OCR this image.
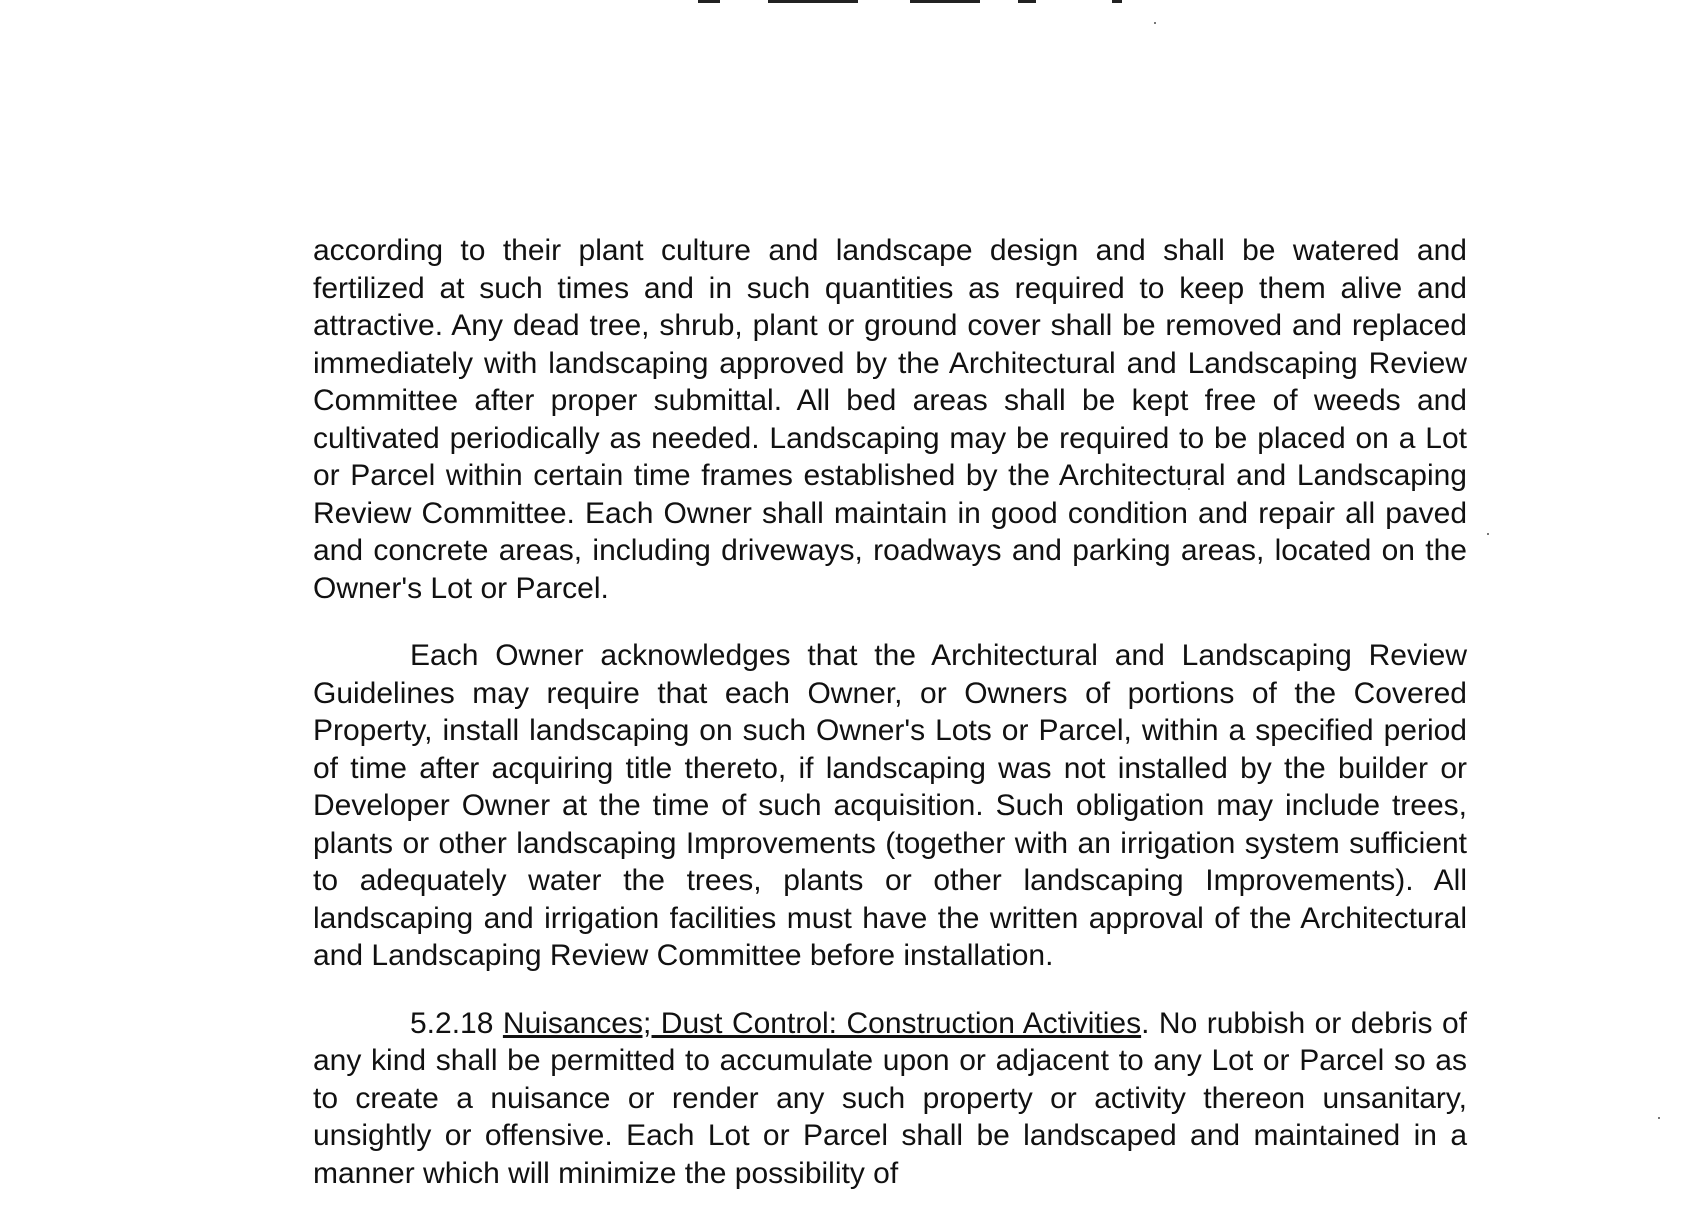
according to their plant culture and landscape design and shall be watered and fertilized at such times and in such quantities as required to keep them alive and attractive. Any dead tree, shrub, plant or ground cover shall be removed and replaced immediately with landscaping approved by the Architectural and Landscaping Review Committee after proper submittal. All bed areas shall be kept free of weeds and cultivated periodically as needed. Landscaping may be required to be placed on a Lot or Parcel within certain time frames established by the Architectural and Landscaping Review Committee. Each Owner shall maintain in good condition and repair all paved and concrete areas, including driveways, roadways and parking areas, located on the Owner's Lot or Parcel.

Each Owner acknowledges that the Architectural and Landscaping Review Guidelines may require that each Owner, or Owners of portions of the Covered Property, install landscaping on such Owner's Lots or Parcel, within a specified period of time after acquiring title thereto, if landscaping was not installed by the builder or Developer Owner at the time of such acquisition. Such obligation may include trees, plants or other landscaping Improvements (together with an irrigation system sufficient to adequately water the trees, plants or other landscaping Improvements). All landscaping and irrigation facilities must have the written approval of the Architectural and Landscaping Review Committee before installation.

5.2.18 Nuisances; Dust Control: Construction Activities. No rubbish or debris of any kind shall be permitted to accumulate upon or adjacent to any Lot or Parcel so as to create a nuisance or render any such property or activity thereon unsanitary, unsightly or offensive. Each Lot or Parcel shall be landscaped and maintained in a manner which will minimize the possibility of
